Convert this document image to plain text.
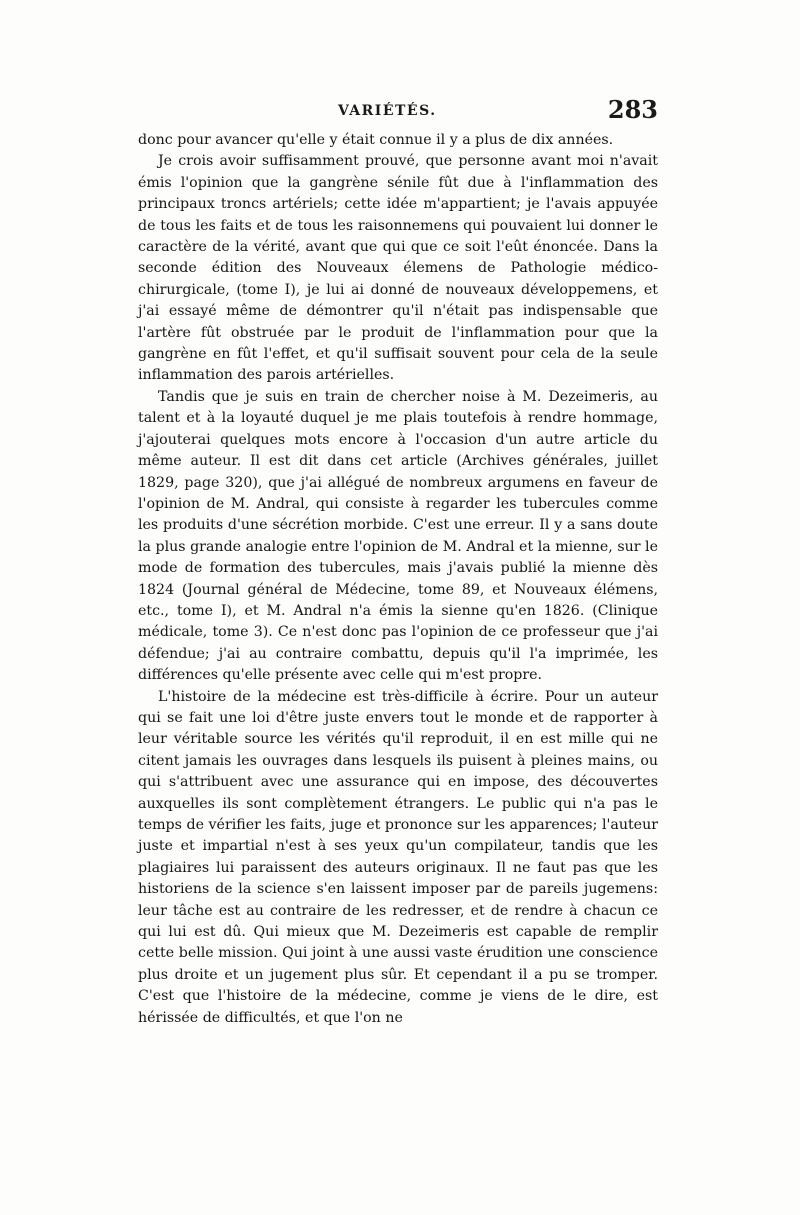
VARIÉTÉS.	283

donc pour avancer qu'elle y était connue il y a plus de dix années.

Je crois avoir suffisamment prouvé, que personne avant moi n'avait émis l'opinion que la gangrène sénile fût due à l'inflammation des principaux troncs artériels; cette idée m'appartient; je l'avais appuyée de tous les faits et de tous les raisonnemens qui pouvaient lui donner le caractère de la vérité, avant que qui que ce soit l'eût énoncée. Dans la seconde édition des Nouveaux élemens de Pathologie médico-chirurgicale, (tome I), je lui ai donné de nouveaux développemens, et j'ai essayé même de démontrer qu'il n'était pas indispensable que l'artère fût obstruée par le produit de l'inflammation pour que la gangrène en fût l'effet, et qu'il suffisait souvent pour cela de la seule inflammation des parois artérielles.

Tandis que je suis en train de chercher noise à M. Dezeimeris, au talent et à la loyauté duquel je me plais toutefois à rendre hommage, j'ajouterai quelques mots encore à l'occasion d'un autre article du même auteur. Il est dit dans cet article (Archives générales, juillet 1829, page 320), que j'ai allégué de nombreux argumens en faveur de l'opinion de M. Andral, qui consiste à regarder les tubercules comme les produits d'une sécrétion morbide. C'est une erreur. Il y a sans doute la plus grande analogie entre l'opinion de M. Andral et la mienne, sur le mode de formation des tubercules, mais j'avais publié la mienne dès 1824 (Journal général de Médecine, tome 89, et Nouveaux élémens, etc., tome I), et M. Andral n'a émis la sienne qu'en 1826. (Clinique médicale, tome 3). Ce n'est donc pas l'opinion de ce professeur que j'ai défendue; j'ai au contraire combattu, depuis qu'il l'a imprimée, les différences qu'elle présente avec celle qui m'est propre.

L'histoire de la médecine est très-difficile à écrire. Pour un auteur qui se fait une loi d'être juste envers tout le monde et de rapporter à leur véritable source les vérités qu'il reproduit, il en est mille qui ne citent jamais les ouvrages dans lesquels ils puisent à pleines mains, ou qui s'attribuent avec une assurance qui en impose, des découvertes auxquelles ils sont complètement étrangers. Le public qui n'a pas le temps de vérifier les faits, juge et prononce sur les apparences; l'auteur juste et impartial n'est à ses yeux qu'un compilateur, tandis que les plagiaires lui paraissent des auteurs originaux. Il ne faut pas que les historiens de la science s'en laissent imposer par de pareils jugemens: leur tâche est au contraire de les redresser, et de rendre à chacun ce qui lui est dû. Qui mieux que M. Dezeimeris est capable de remplir cette belle mission. Qui joint à une aussi vaste érudition une conscience plus droite et un jugement plus sûr. Et cependant il a pu se tromper. C'est que l'histoire de la médecine, comme je viens de le dire, est hérissée de difficultés, et que l'on ne
